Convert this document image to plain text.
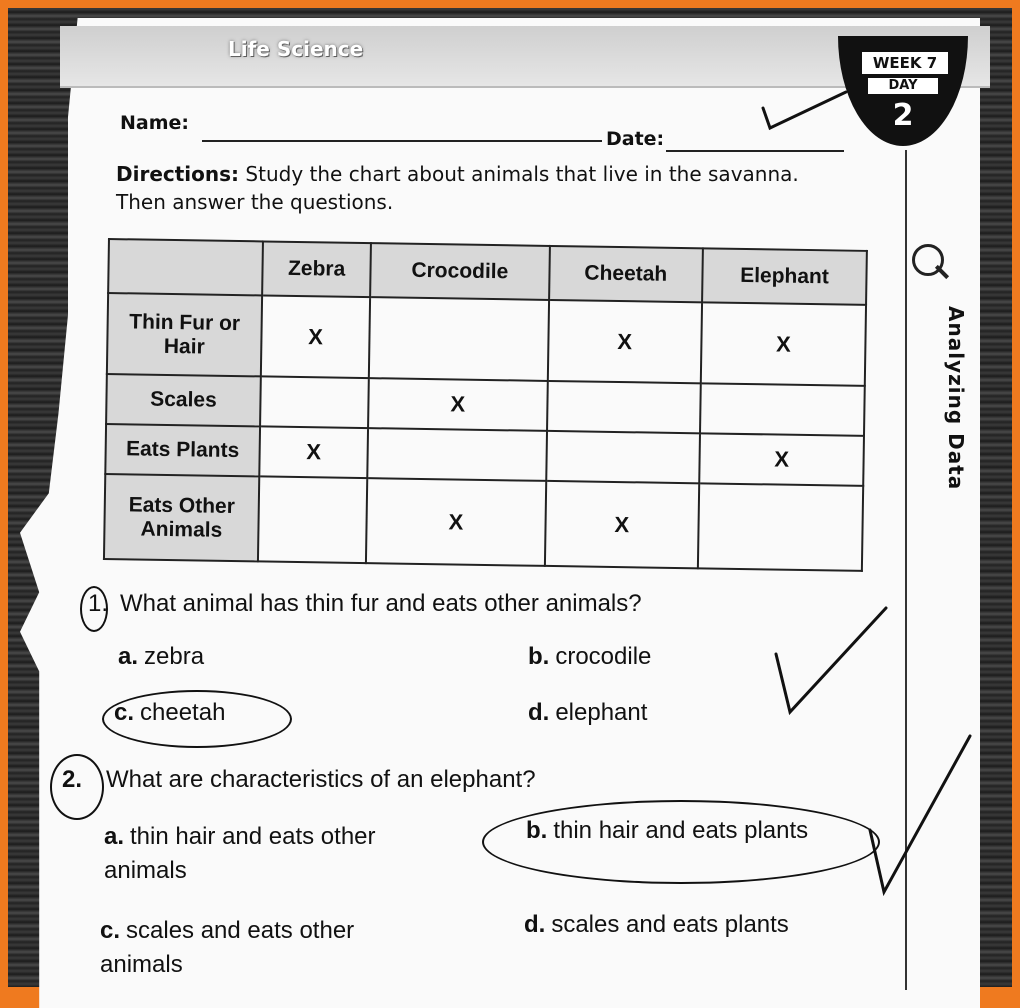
Life Science
WEEK 7
DAY
2
Name:
Date:
Directions: Study the chart about animals that live in the savanna. Then answer the questions.
	Zebra	Crocodile	Cheetah	Elephant
Thin Fur or Hair	X		X	X
Scales		X		
Eats Plants	X			X
Eats Other Animals		X	X	
Analyzing Data
1. What animal has thin fur and eats other animals?
a. zebra	b. crocodile
c. cheetah	d. elephant
2. What are characteristics of an elephant?
a. thin hair and eats other animals
b. thin hair and eats plants
c. scales and eats other animals
d. scales and eats plants
